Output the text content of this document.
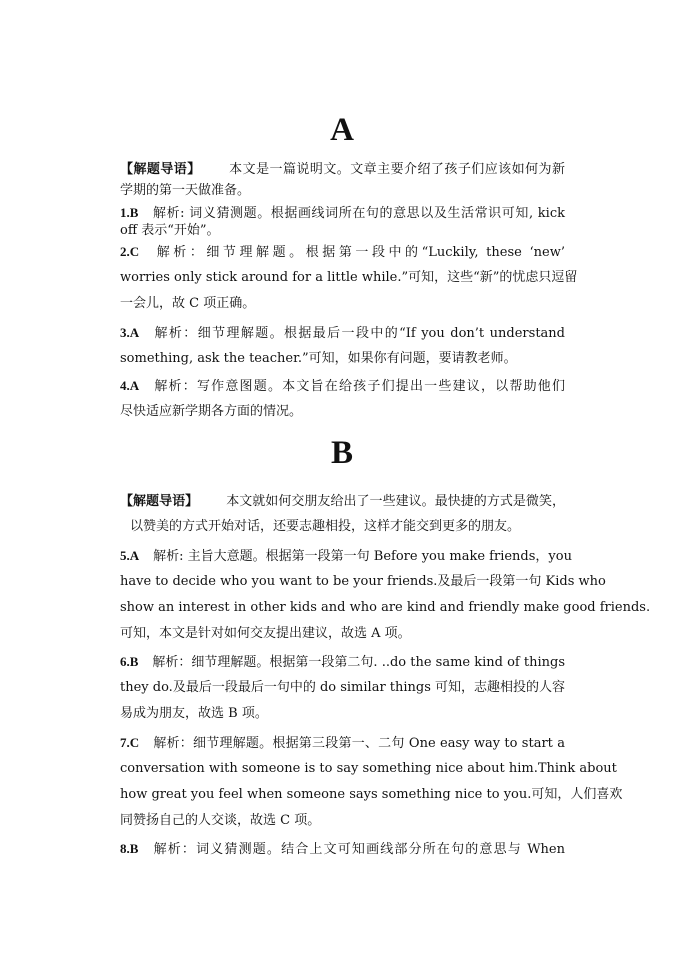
A
【解题导语】 本文是一篇说明文。文章主要介绍了孩子们应该如何为新
学期的第一天做准备。
1.B 解析: 词义猜测题。根据画线词所在句的意思以及生活常识可知, kick
off 表示“开始”。
2.C 解析：细节理解题。根据第一段中的“Luckily, these ‘new’
worries only stick around for a little while.”可知，这些“新”的忧虑只逗留
一会儿，故 C 项正确。
3.A 解析：细节理解题。根据最后一段中的“If you don’t understand
something, ask the teacher.”可知，如果你有问题，要请教老师。
4.A 解析：写作意图题。本文旨在给孩子们提出一些建议，以帮助他们
尽快适应新学期各方面的情况。
B
【解题导语】 本文就如何交朋友给出了一些建议。最快捷的方式是微笑，
以赞美的方式开始对话，还要志趣相投，这样才能交到更多的朋友。
5.A 解析: 主旨大意题。根据第一段第一句 Before you make friends，you
have to decide who you want to be your friends.及最后一段第一句 Kids who
show an interest in other kids and who are kind and friendly make good friends.
可知，本文是针对如何交友提出建议，故选 A 项。
6.B 解析：细节理解题。根据第一段第二句. ..do the same kind of things
they do.及最后一段最后一句中的 do similar things 可知，志趣相投的人容
易成为朋友，故选 B 项。
7.C 解析：细节理解题。根据第三段第一、二句 One easy way to start a
conversation with someone is to say something nice about him.Think about
how great you feel when someone says something nice to you.可知，人们喜欢
同赞扬自己的人交谈，故选 C 项。
8.B 解析：词义猜测题。结合上文可知画线部分所在句的意思与 When
